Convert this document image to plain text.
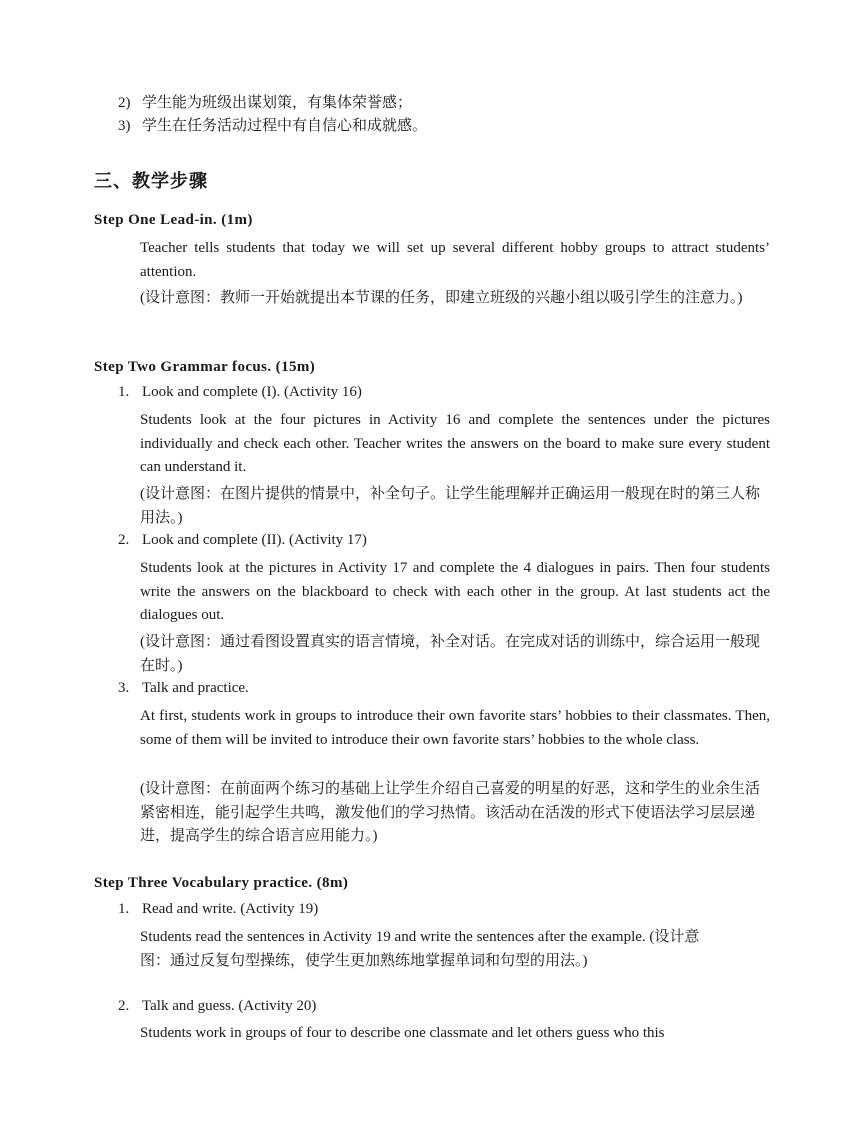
2) 学生能为班级出谋划策，有集体荣誉感；
3) 学生在任务活动过程中有自信心和成就感。
三、教学步骤
Step One Lead-in. (1m)
Teacher tells students that today we will set up several different hobby groups to attract students’ attention.
(设计意图：教师一开始就提出本节课的任务，即建立班级的兴趣小组以吸引学生的注意力。)
Step Two Grammar focus. (15m)
1. Look and complete (I). (Activity 16)
Students look at the four pictures in Activity 16 and complete the sentences under the pictures individually and check each other. Teacher writes the answers on the board to make sure every student can understand it.
(设计意图：在图片提供的情景中，补全句子。让学生能理解并正确运用一般现在时的第三人称用法。)
2. Look and complete (II). (Activity 17)
Students look at the pictures in Activity 17 and complete the 4 dialogues in pairs. Then four students write the answers on the blackboard to check with each other in the group. At last students act the dialogues out.
(设计意图：通过看图设置真实的语言情境，补全对话。在完成对话的训练中，综合运用一般现在时。)
3. Talk and practice.
At first, students work in groups to introduce their own favorite stars’ hobbies to their classmates. Then, some of them will be invited to introduce their own favorite stars’ hobbies to the whole class.
(设计意图：在前面两个练习的基础上让学生介绍自己喜爱的明星的好恶，这和学生的业余生活紧密相连，能引起学生共鸣，激发他们的学习热情。该活动在活泼的形式下使语法学习层层递进，提高学生的综合语言应用能力。)
Step Three Vocabulary practice. (8m)
1. Read and write. (Activity 19)
Students read the sentences in Activity 19 and write the sentences after the example. (设计意图：通过反复句型操练，使学生更加熟练地掌握单词和句型的用法。)
2. Talk and guess. (Activity 20)
Students work in groups of four to describe one classmate and let others guess who this
